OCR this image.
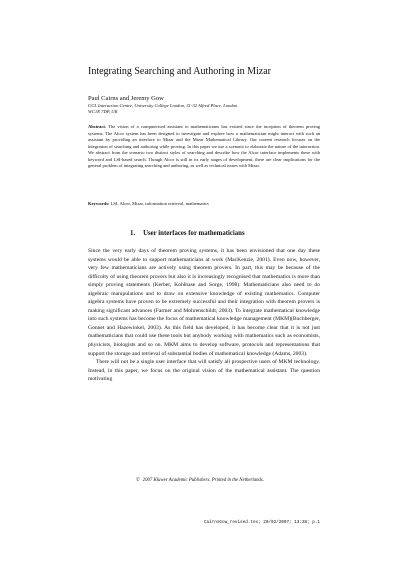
Integrating Searching and Authoring in Mizar
Paul Cairns and Jeremy Gow
UCL Interaction Centre, University College London, 31-32 Alfred Place, London
WC1E 7DP, UK
Abstract. The vision of a computerised assistant to mathematicians has existed since the inception of theorem proving systems. The Alcor system has been designed to investigate and explore how a mathematician might interact with such an assistant by providing an interface to Mizar and the Mizar Mathematical Library. Our current research focuses on the integration of searching and authoring while proving. In this paper we use a scenario to elaborate the nature of the interaction. We abstract from the scenario two distinct styles of searching and describe how the Alcor interface implements these with keyword and LSI-based search. Though Alcor is still in its early stages of development, there are clear implications for the general problem of integrating searching and authoring, as well as technical issues with Mizar.
Keywords: LSI, Alcor, Mizar, information retrieval, mathematics
1. User interfaces for mathematicians

Since the very early days of theorem proving systems, it has been envisioned that one day these systems would be able to support mathematicians at work (MacKenzie, 2001). Even now, however, very few mathematicians are actively using theorem provers. In part, this may be because of the difficulty of using theorem provers but also it is increasingly recognised that mathematics is more than simply proving statements (Kerber, Kohlhase and Sorge, 1998). Mathematicians also need to do algebraic manipulations and to draw on extensive knowledge of existing mathematics. Computer algebra systems have proven to be extremely successful and their integration with theorem provers is making significant advances (Farmer and Mohrenschildt, 2003). To integrate mathematical knowledge into such systems has become the focus of mathematical knowledge management (MKM)(Buchberger, Gonnet and Hazewinkel, 2003). As this field has developed, it has become clear that it is not just mathematicians that could use these tools but anybody working with mathematics such as economists, physicists, biologists and so on. MKM aims to develop software, protocols and representations that support the storage and retrieval of substantial bodies of mathematical knowledge (Adams, 2003).

There will not be a single user interface that will satisfy all prospective users of MKM technology. Instead, in this paper, we focus on the original vision of the mathematical assistant. The question motivating

© 2007 Kluwer Academic Publishers. Printed in the Netherlands.
CairnsGow_revised.tex; 20/02/2007; 13:38; p.1
